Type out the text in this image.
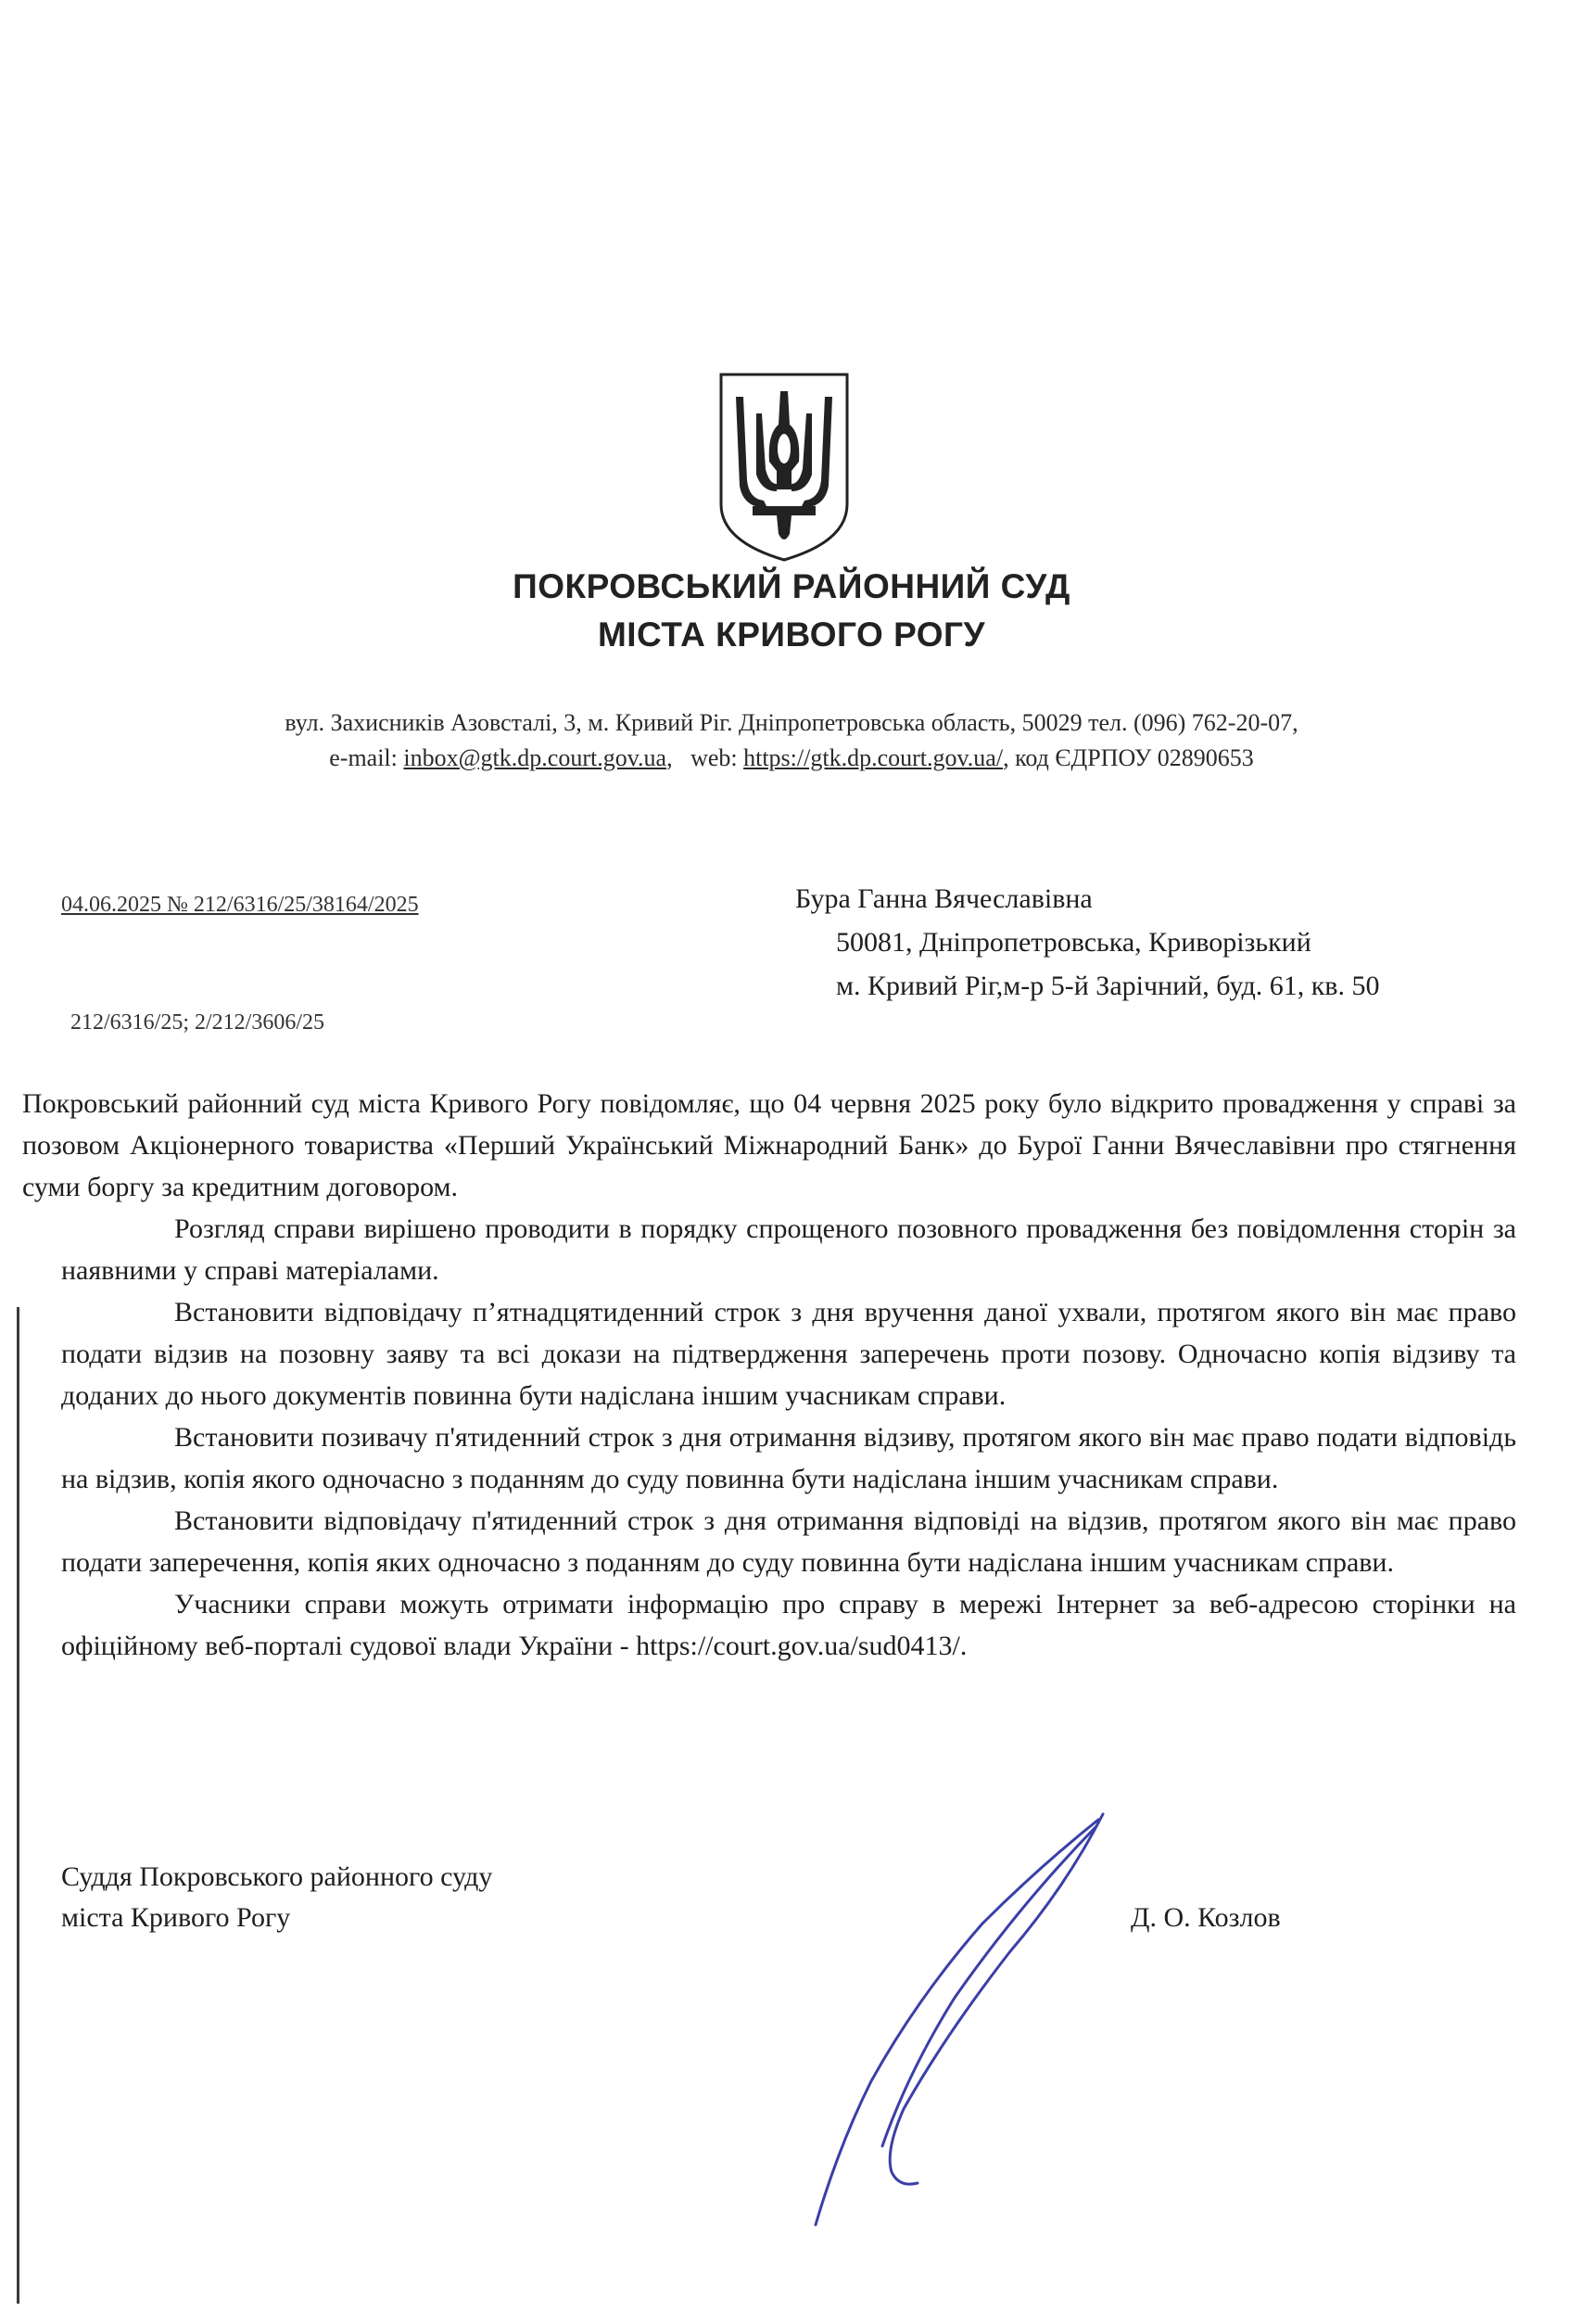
ПОКРОВСЬКИЙ РАЙОННИЙ СУД
МІСТА КРИВОГО РОГУ
вул. Захисників Азовсталі, 3, м. Кривий Ріг. Дніпропетровська область, 50029 тел. (096) 762-20-07,
e-mail: inbox@gtk.dp.court.gov.ua,   web: https://gtk.dp.court.gov.ua/, код ЄДРПОУ 02890653
04.06.2025 № 212/6316/25/38164/2025
212/6316/25; 2/212/3606/25
Бура Ганна Вячеславівна
50081, Дніпропетровська, Криворізький
м. Кривий Ріг,м-р 5-й Зарічний, буд. 61, кв. 50

Покровський районний суд міста Кривого Рогу повідомляє, що 04 червня 2025 року було відкрито провадження у справі за позовом Акціонерного товариства «Перший Український Міжнародний Банк» до Бурої Ганни Вячеславівни про стягнення суми боргу за кредитним договором.

Розгляд справи вирішено проводити в порядку спрощеного позовного провадження без повідомлення сторін за наявними у справі матеріалами.

Встановити відповідачу п’ятнадцятиденний строк з дня вручення даної ухвали, протягом якого він має право подати відзив на позовну заяву та всі докази на підтвердження заперечень проти позову. Одночасно копія відзиву та доданих до нього документів повинна бути надіслана іншим учасникам справи.

Встановити позивачу п'ятиденний строк з дня отримання відзиву, протягом якого він має право подати відповідь на відзив, копія якого одночасно з поданням до суду повинна бути надіслана іншим учасникам справи.

Встановити відповідачу п'ятиденний строк з дня отримання відповіді на відзив, протягом якого він має право подати заперечення, копія яких одночасно з поданням до суду повинна бути надіслана іншим учасникам справи.

Учасники справи можуть отримати інформацію про справу в мережі Інтернет за веб-адресою сторінки на офіційному веб-порталі судової влади України - https://court.gov.ua/sud0413/.

Суддя Покровського районного суду
міста Кривого Рогу	Д. О. Козлов
